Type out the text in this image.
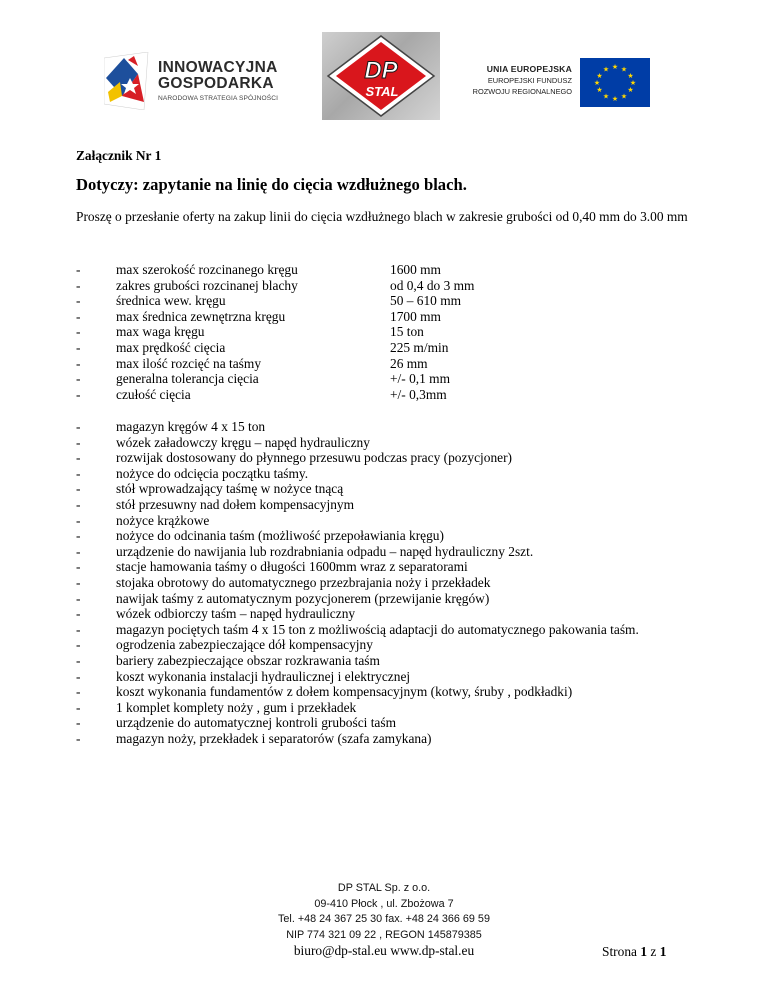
INNOWACYJNA
GOSPODARKA
NARODOWA STRATEGIA SPÓJNOŚCI
DP
STAL
UNIA EUROPEJSKA
EUROPEJSKI FUNDUSZ
ROZWOJU REGIONALNEGO
★ ★
★
★
★
★
★
★
★
★
★
★
Załącznik Nr 1
Dotyczy: zapytanie na linię do cięcia wzdłużnego blach.
Proszę o przesłanie oferty na zakup linii do cięcia wzdłużnego blach w zakresie grubości od 0,40 mm do 3.00 mm
-	max szerokość rozcinanego kręgu	1600 mm
-	zakres grubości rozcinanej blachy	od 0,4 do 3 mm
-	średnica wew. kręgu	50 – 610 mm
-	max średnica zewnętrzna kręgu	1700 mm
-	max waga kręgu	15 ton
-	max prędkość cięcia	225 m/min
-	max ilość rozcięć na taśmy	26 mm
-	generalna tolerancja cięcia	+/- 0,1 mm
-	czułość cięcia	+/- 0,3mm
-	magazyn kręgów 4 x 15 ton
-	wózek załadowczy kręgu – napęd hydrauliczny
-	rozwijak dostosowany do płynnego przesuwu podczas pracy (pozycjoner)
-	nożyce do odcięcia początku taśmy.
-	stół wprowadzający taśmę w nożyce tnącą
-	stół przesuwny nad dołem kompensacyjnym
-	nożyce krążkowe
-	nożyce do odcinania taśm (możliwość przepoławiania kręgu)
-	urządzenie do nawijania lub rozdrabniania odpadu – napęd hydrauliczny 2szt.
-	stacje hamowania taśmy o długości 1600mm wraz z separatorami
-	stojaka obrotowy do automatycznego przezbrajania noży i przekładek
-	nawijak taśmy z automatycznym pozycjonerem (przewijanie kręgów)
-	wózek odbiorczy taśm – napęd hydrauliczny
-	magazyn pociętych taśm 4 x 15 ton z możliwością adaptacji do automatycznego pakowania taśm.
-	ogrodzenia zabezpieczające dół kompensacyjny
-	bariery zabezpieczające obszar rozkrawania taśm
-	koszt wykonania instalacji hydraulicznej i elektrycznej
-	koszt wykonania fundamentów z dołem kompensacyjnym (kotwy, śruby , podkładki)
-	1 komplet komplety noży , gum i przekładek
-	urządzenie do automatycznej kontroli grubości taśm
-	magazyn noży, przekładek i separatorów (szafa zamykana)
DP STAL Sp. z o.o.
09-410 Płock , ul. Zbożowa 7
Tel. +48 24 367 25 30 fax. +48 24 366 69 59
NIP 774 321 09 22 , REGON 145879385
biuro@dp-stal.eu www.dp-stal.eu	Strona 1 z 1
